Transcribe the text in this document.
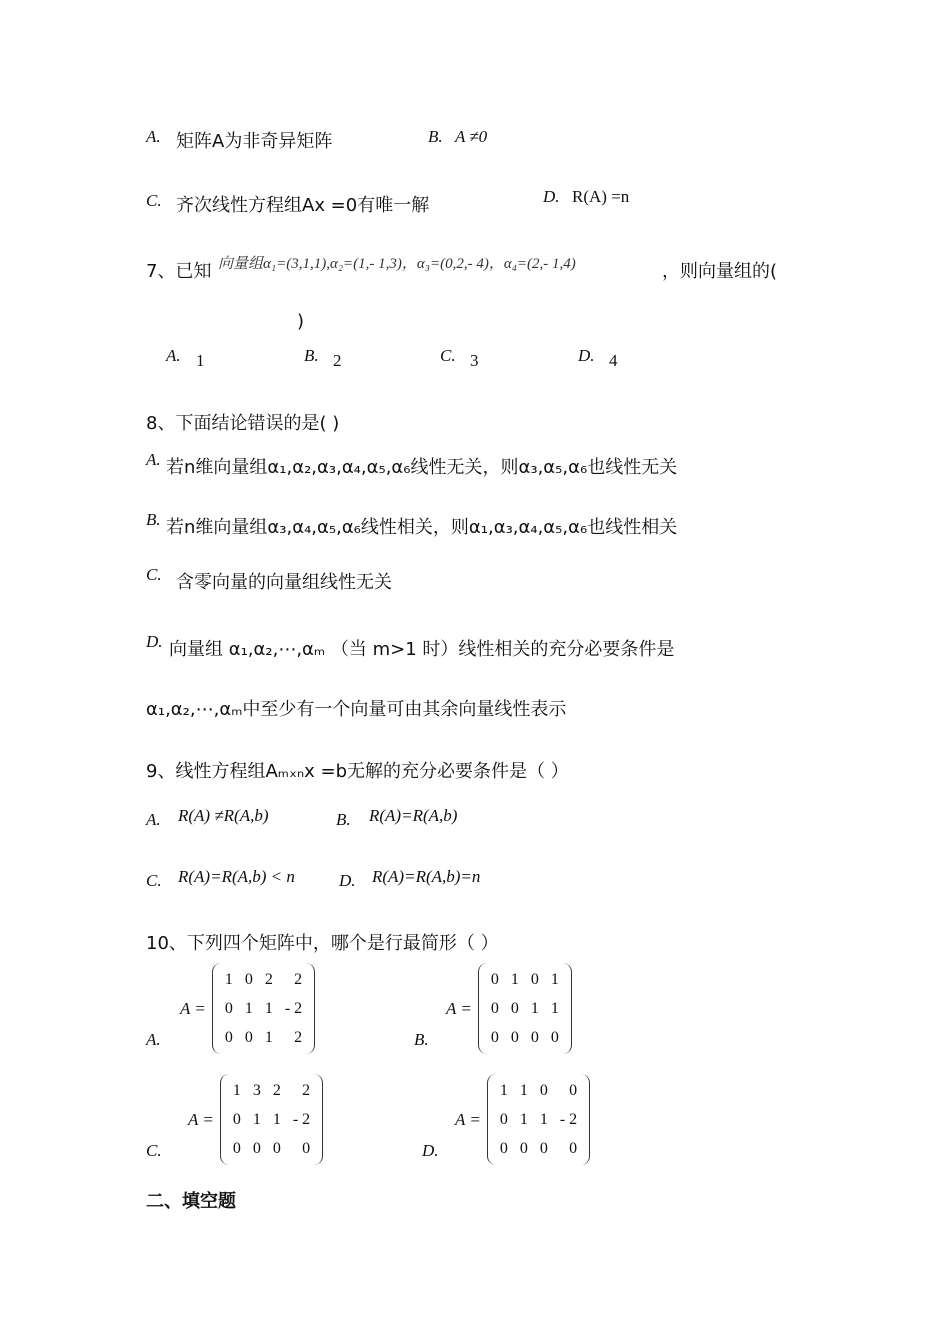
A. 矩阵A为非奇异矩阵	B. A ≠0
C. 齐次线性方程组Ax =0有唯一解	D. R(A) =n
7、已知 向量组α₁=(3,1,1),α₂=(1,- 1,3)，α₃=(0,2,- 4)，α₄=(2,- 1,4)	，则向量组的(
)
A. 1	B. 2	C. 3	D. 4
8、下面结论错误的是( )
A. 若n维向量组α₁,α₂,α₃,α₄,α₅,α₆线性无关，则α₃,α₅,α₆也线性无关
B. 若n维向量组α₃,α₄,α₅,α₆线性相关，则α₁,α₃,α₄,α₅,α₆也线性相关
C. 含零向量的向量组线性无关
D. 向量组 α₁,α₂,⋯,αₘ （当 m>1 时）线性相关的充分必要条件是
α₁,α₂,⋯,αₘ中至少有一个向量可由其余向量线性表示
9、线性方程组Aₘₓₙx =b无解的充分必要条件是（ ）
A. R(A) ≠R(A,b)	B. R(A)=R(A,b)
C. R(A)=R(A,b) < n	D. R(A)=R(A,b)=n
10、下列四个矩阵中，哪个是行最简形（ ）
A.
A =
1	0	2	2
0	1	1	- 2
0	0	1	2	B.
A =
0	1	0	1
0	0	1	1
0	0	0	0
C.
A =
1	3	2	2
0	1	1	- 2
0	0	0	0	D.
A =
1	1	0	0
0	1	1	- 2
0	0	0	0
二、填空题
